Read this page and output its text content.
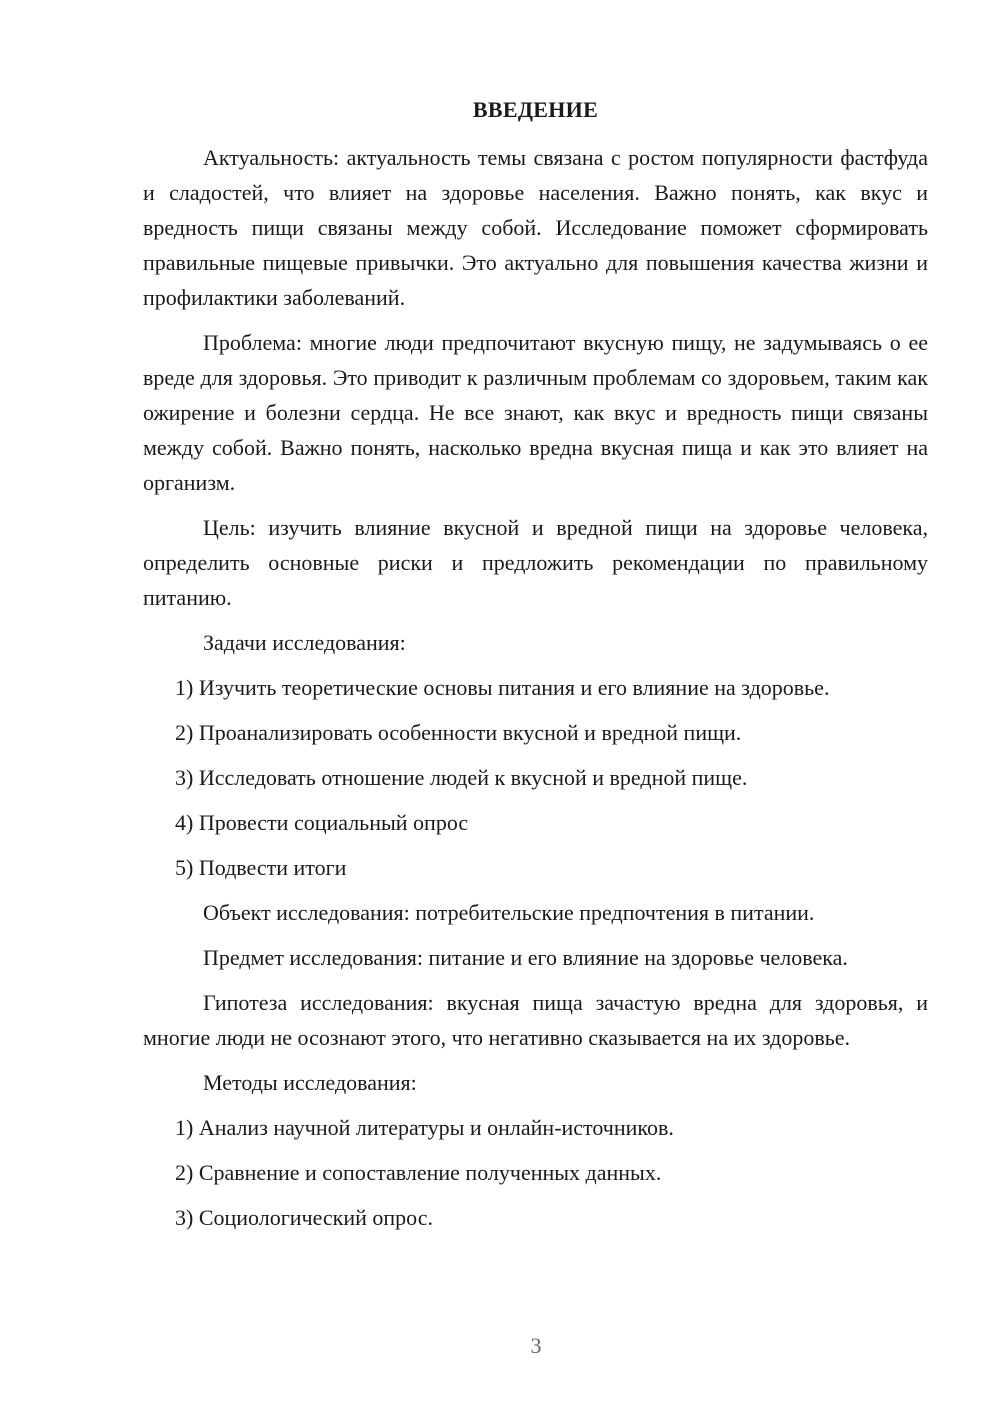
ВВЕДЕНИЕ

Актуальность: актуальность темы связана с ростом популярности фастфуда и сладостей, что влияет на здоровье населения. Важно понять, как вкус и вредность пищи связаны между собой. Исследование поможет сформировать правильные пищевые привычки. Это актуально для повышения качества жизни и профилактики заболеваний.

Проблема: многие люди предпочитают вкусную пищу, не задумываясь о ее вреде для здоровья. Это приводит к различным проблемам со здоровьем, таким как ожирение и болезни сердца. Не все знают, как вкус и вредность пищи связаны между собой. Важно понять, насколько вредна вкусная пища и как это влияет на организм.

Цель: изучить влияние вкусной и вредной пищи на здоровье человека, определить основные риски и предложить рекомендации по правильному питанию.

Задачи исследования:

1) Изучить теоретические основы питания и его влияние на здоровье.

2) Проанализировать особенности вкусной и вредной пищи.

3) Исследовать отношение людей к вкусной и вредной пище.

4) Провести социальный опрос

5) Подвести итоги

Объект исследования: потребительские предпочтения в питании.

Предмет исследования: питание и его влияние на здоровье человека.

Гипотеза исследования: вкусная пища зачастую вредна для здоровья, и многие люди не осознают этого, что негативно сказывается на их здоровье.

Методы исследования:

1) Анализ научной литературы и онлайн-источников.

2) Сравнение и сопоставление полученных данных.

3) Социологический опрос.

3
